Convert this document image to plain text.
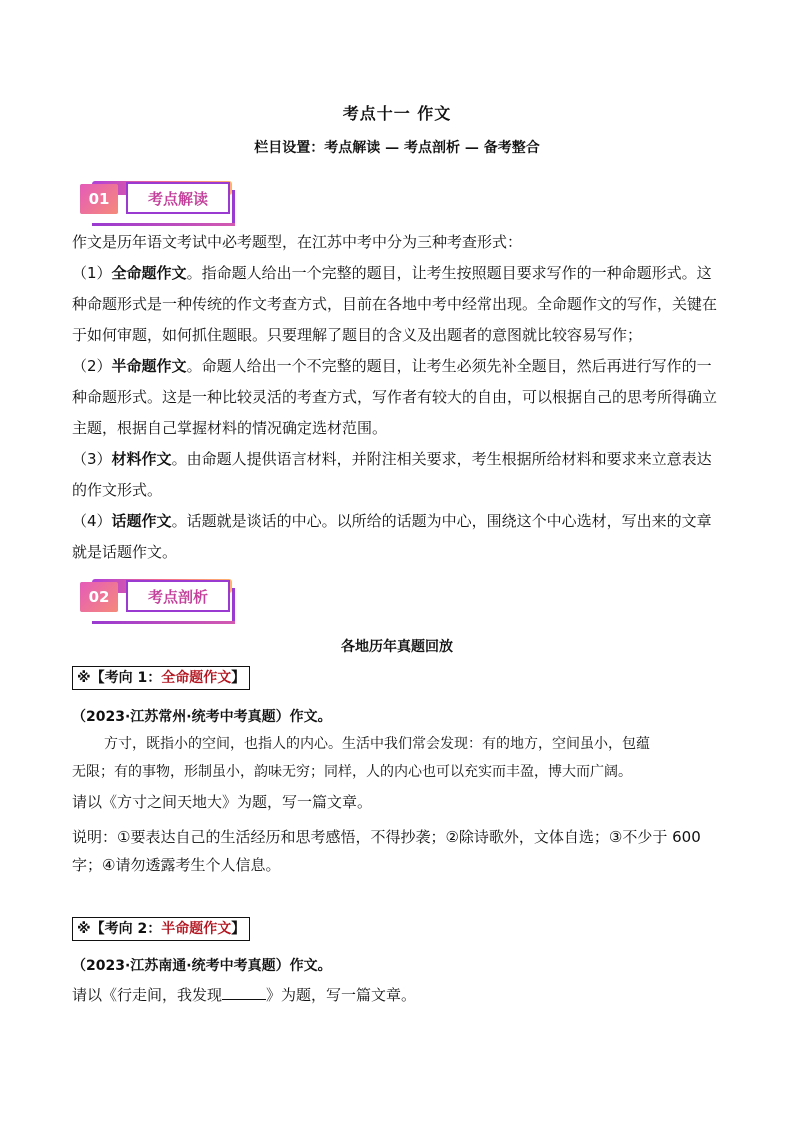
考点十一 作文
栏目设置：考点解读 — 考点剖析 — 备考整合
01	考点解读

作文是历年语文考试中必考题型，在江苏中考中分为三种考查形式：

（1）全命题作文。指命题人给出一个完整的题目，让考生按照题目要求写作的一种命题形式。这种命题形式是一种传统的作文考查方式，目前在各地中考中经常出现。全命题作文的写作，关键在于如何审题，如何抓住题眼。只要理解了题目的含义及出题者的意图就比较容易写作；

（2）半命题作文。命题人给出一个不完整的题目，让考生必须先补全题目，然后再进行写作的一种命题形式。这是一种比较灵活的考查方式，写作者有较大的自由，可以根据自己的思考所得确立主题，根据自己掌握材料的情况确定选材范围。

（3）材料作文。由命题人提供语言材料，并附注相关要求，考生根据所给材料和要求来立意表达的作文形式。

（4）话题作文。话题就是谈话的中心。以所给的话题为中心，围绕这个中心选材，写出来的文章就是话题作文。

02	考点剖析
各地历年真题回放
※【考向 1：全命题作文】
（2023·江苏常州·统考中考真题）作文。

方寸，既指小的空间，也指人的内心。生活中我们常会发现：有的地方，空间虽小，包蕴

无限；有的事物，形制虽小，韵味无穷；同样，人的内心也可以充实而丰盈，博大而广阔。

请以《方寸之间天地大》为题，写一篇文章。
说明：①要表达自己的生活经历和思考感悟，不得抄袭；②除诗歌外，文体自选；③不少于 600
字；④请勿透露考生个人信息。
※【考向 2：半命题作文】
（2023·江苏南通·统考中考真题）作文。
请以《行走间，我发现	》为题，写一篇文章。
